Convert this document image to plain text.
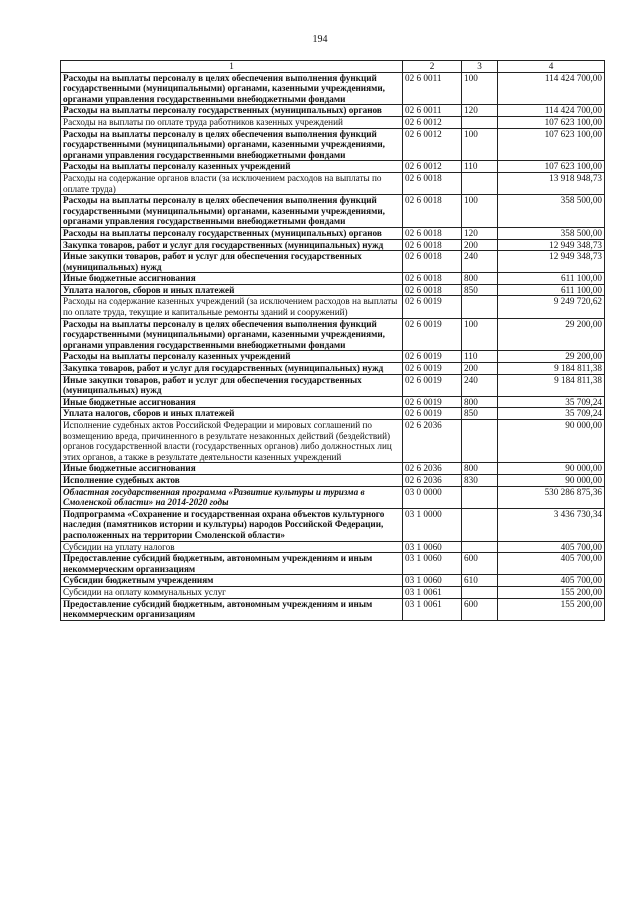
194
1	2	3	4
Расходы на выплаты персоналу в целях обеспечения выполнения функций государственными (муниципальными) органами, казенными учреждениями, органами управления государственными внебюджетными фондами	02 6 0011	100	114 424 700,00
Расходы на выплаты персоналу государственных (муниципальных) органов	02 6 0011	120	114 424 700,00
Расходы на выплаты по оплате труда работников казенных учреждений	02 6 0012		107 623 100,00
Расходы на выплаты персоналу в целях обеспечения выполнения функций государственными (муниципальными) органами, казенными учреждениями, органами управления государственными внебюджетными фондами	02 6 0012	100	107 623 100,00
Расходы на выплаты персоналу казенных учреждений	02 6 0012	110	107 623 100,00
Расходы на содержание органов власти (за исключением расходов на выплаты по оплате труда)	02 6 0018		13 918 948,73
Расходы на выплаты персоналу в целях обеспечения выполнения функций государственными (муниципальными) органами, казенными учреждениями, органами управления государственными внебюджетными фондами	02 6 0018	100	358 500,00
Расходы на выплаты персоналу государственных (муниципальных) органов	02 6 0018	120	358 500,00
Закупка товаров, работ и услуг для государственных (муниципальных) нужд	02 6 0018	200	12 949 348,73
Иные закупки товаров, работ и услуг для обеспечения государственных (муниципальных) нужд	02 6 0018	240	12 949 348,73
Иные бюджетные ассигнования	02 6 0018	800	611 100,00
Уплата налогов, сборов и иных платежей	02 6 0018	850	611 100,00
Расходы на содержание казенных учреждений (за исключением расходов на выплаты по оплате труда, текущие и капитальные ремонты зданий и сооружений)	02 6 0019		9 249 720,62
Расходы на выплаты персоналу в целях обеспечения выполнения функций государственными (муниципальными) органами, казенными учреждениями, органами управления государственными внебюджетными фондами	02 6 0019	100	29 200,00
Расходы на выплаты персоналу казенных учреждений	02 6 0019	110	29 200,00
Закупка товаров, работ и услуг для государственных (муниципальных) нужд	02 6 0019	200	9 184 811,38
Иные закупки товаров, работ и услуг для обеспечения государственных (муниципальных) нужд	02 6 0019	240	9 184 811,38
Иные бюджетные ассигнования	02 6 0019	800	35 709,24
Уплата налогов, сборов и иных платежей	02 6 0019	850	35 709,24
Исполнение судебных актов Российской Федерации и мировых соглашений по возмещению вреда, причиненного в результате незаконных действий (бездействий) органов государственной власти (государственных органов) либо должностных лиц этих органов, а также в результате деятельности казенных учреждений	02 6 2036		90 000,00
Иные бюджетные ассигнования	02 6 2036	800	90 000,00
Исполнение судебных актов	02 6 2036	830	90 000,00
Областная государственная программа «Развитие культуры и туризма в Смоленской области» на 2014-2020 годы	03 0 0000		530 286 875,36
Подпрограмма «Сохранение и государственная охрана объектов культурного наследия (памятников истории и культуры) народов Российской Федерации, расположенных на территории Смоленской области»	03 1 0000		3 436 730,34
Субсидии на уплату налогов	03 1 0060		405 700,00
Предоставление субсидий бюджетным, автономным учреждениям и иным некоммерческим организациям	03 1 0060	600	405 700,00
Субсидии бюджетным учреждениям	03 1 0060	610	405 700,00
Субсидии на оплату коммунальных услуг	03 1 0061		155 200,00
Предоставление субсидий бюджетным, автономным учреждениям и иным некоммерческим организациям	03 1 0061	600	155 200,00
